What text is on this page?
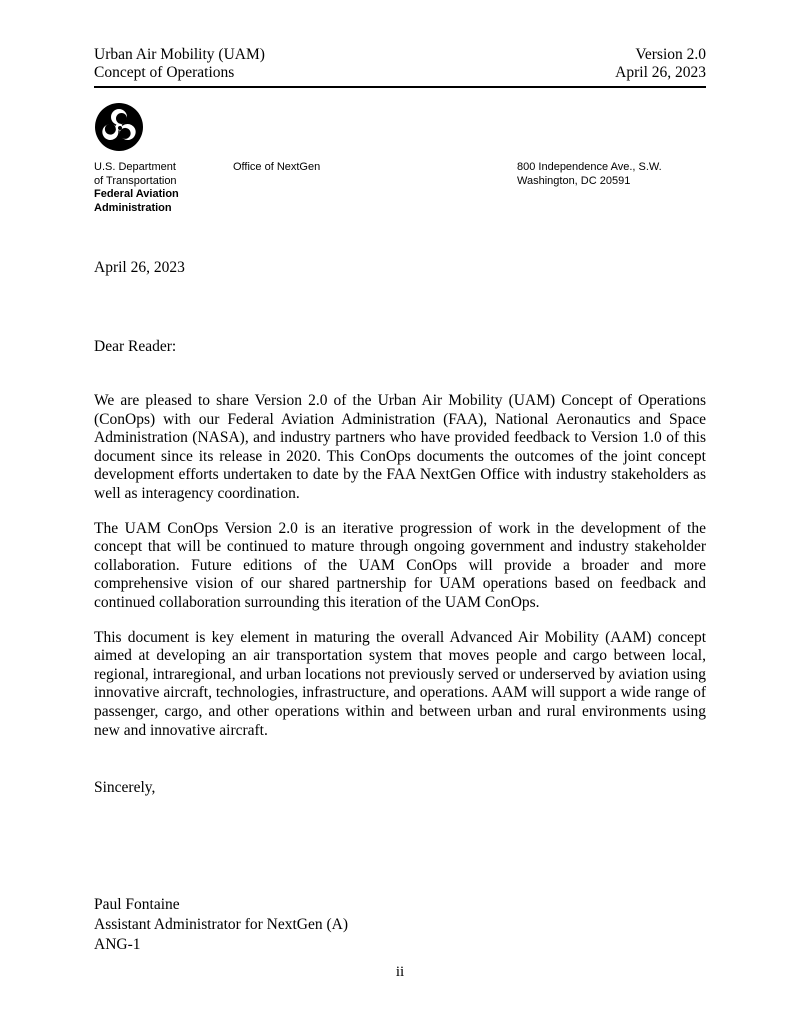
Urban Air Mobility (UAM)
Concept of Operations
Version 2.0
April 26, 2023
U.S. Department
of Transportation
Federal Aviation
Administration
Office of NextGen	800 Independence Ave., S.W.
Washington, DC 20591
April 26, 2023
Dear Reader:

We are pleased to share Version 2.0 of the Urban Air Mobility (UAM) Concept of Operations (ConOps) with our Federal Aviation Administration (FAA), National Aeronautics and Space Administration (NASA), and industry partners who have provided feedback to Version 1.0 of this document since its release in 2020. This ConOps documents the outcomes of the joint concept development efforts undertaken to date by the FAA NextGen Office with industry stakeholders as well as interagency coordination.

The UAM ConOps Version 2.0 is an iterative progression of work in the development of the concept that will be continued to mature through ongoing government and industry stakeholder collaboration. Future editions of the UAM ConOps will provide a broader and more comprehensive vision of our shared partnership for UAM operations based on feedback and continued collaboration surrounding this iteration of the UAM ConOps.

This document is key element in maturing the overall Advanced Air Mobility (AAM) concept aimed at developing an air transportation system that moves people and cargo between local, regional, intraregional, and urban locations not previously served or underserved by aviation using innovative aircraft, technologies, infrastructure, and operations. AAM will support a wide range of passenger, cargo, and other operations within and between urban and rural environments using new and innovative aircraft.

Sincerely,
Paul Fontaine
Assistant Administrator for NextGen (A)
ANG-1
ii
